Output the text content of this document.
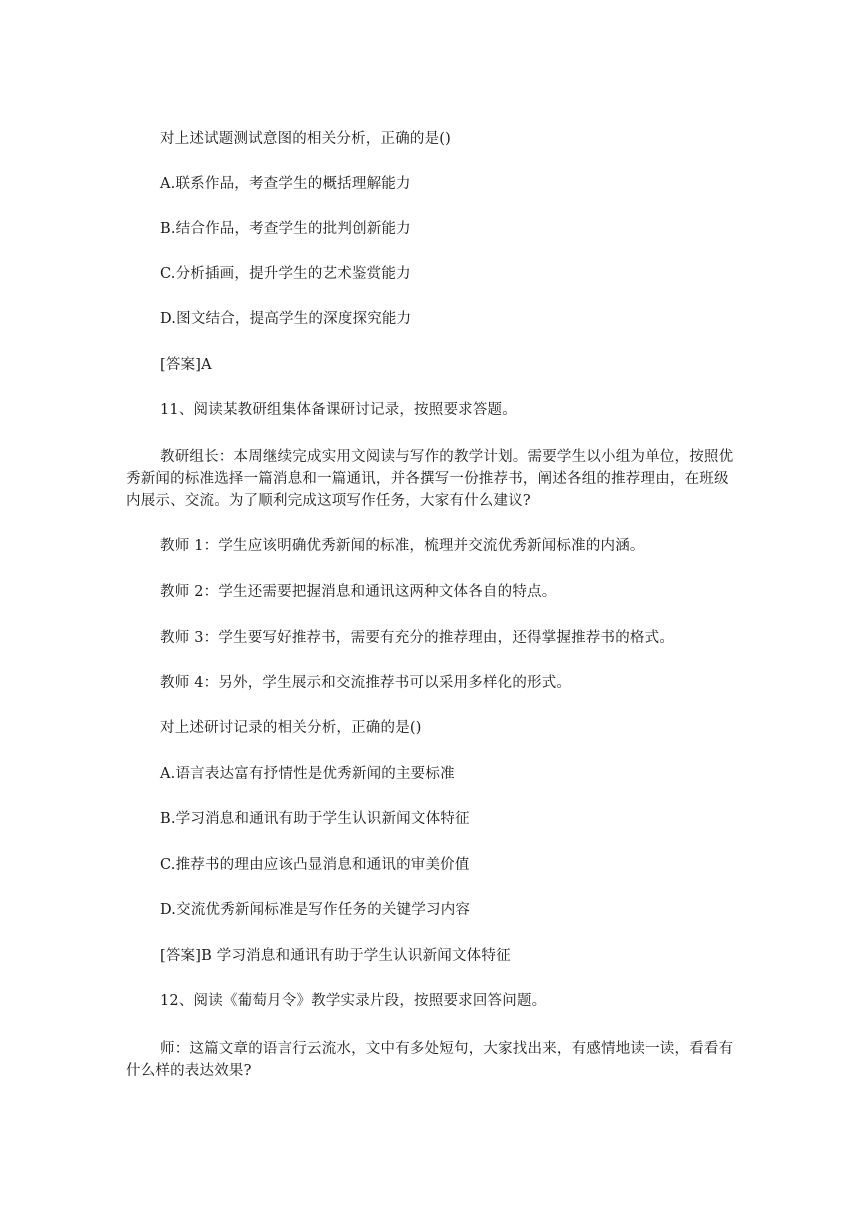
对上述试题测试意图的相关分析，正确的是()

A.联系作品，考查学生的概括理解能力

B.结合作品，考查学生的批判创新能力

C.分析插画，提升学生的艺术鉴赏能力

D.图文结合，提高学生的深度探究能力

[答案]A

11、阅读某教研组集体备课研讨记录，按照要求答题。

教研组长：本周继续完成实用文阅读与写作的教学计划。需要学生以小组为单位，按照优秀新闻的标准选择一篇消息和一篇通讯，并各撰写一份推荐书，阐述各组的推荐理由，在班级内展示、交流。为了顺利完成这项写作任务，大家有什么建议?

教师 1：学生应该明确优秀新闻的标准，梳理并交流优秀新闻标准的内涵。

教师 2：学生还需要把握消息和通讯这两种文体各自的特点。

教师 3：学生要写好推荐书，需要有充分的推荐理由，还得掌握推荐书的格式。

教师 4：另外，学生展示和交流推荐书可以采用多样化的形式。

对上述研讨记录的相关分析，正确的是()

A.语言表达富有抒情性是优秀新闻的主要标准

B.学习消息和通讯有助于学生认识新闻文体特征

C.推荐书的理由应该凸显消息和通讯的审美价值

D.交流优秀新闻标准是写作任务的关键学习内容

[答案]B 学习消息和通讯有助于学生认识新闻文体特征

12、阅读《葡萄月令》教学实录片段，按照要求回答问题。

师：这篇文章的语言行云流水，文中有多处短句，大家找出来，有感情地读一读，看看有什么样的表达效果?
